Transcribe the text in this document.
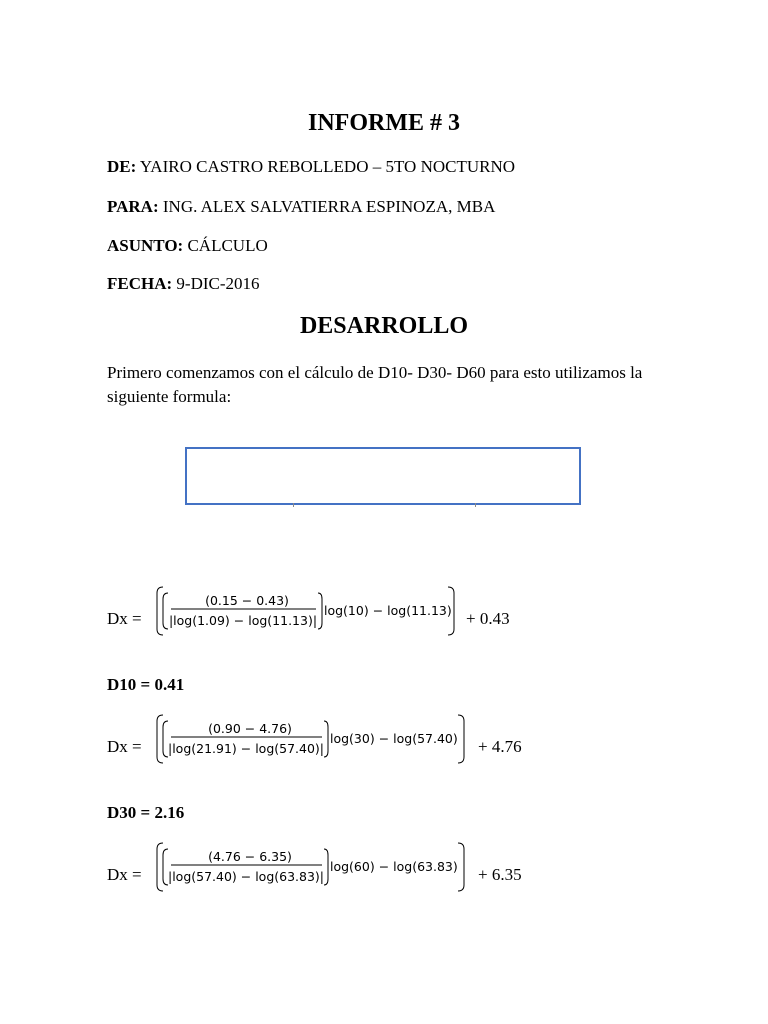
INFORME # 3
DE: YAIRO CASTRO REBOLLEDO – 5TO NOCTURNO
PARA: ING. ALEX SALVATIERRA ESPINOZA, MBA
ASUNTO: CÁLCULO
FECHA: 9-DIC-2016
DESARROLLO
Primero comenzamos con el cálculo de D10- D30- D60 para esto utilizamos la siguiente formula:
Dx =
(0.15 − 0.43)
|log(1.09) − log(11.13)|
log(10) − log(11.13) + 0.43
D10 = 0.41
Dx =
(0.90 − 4.76)
|log(21.91) − log(57.40)|
log(30) − log(57.40) + 4.76
D30 = 2.16
Dx =
(4.76 − 6.35)
|log(57.40) − log(63.83)|
log(60) − log(63.83) + 6.35
